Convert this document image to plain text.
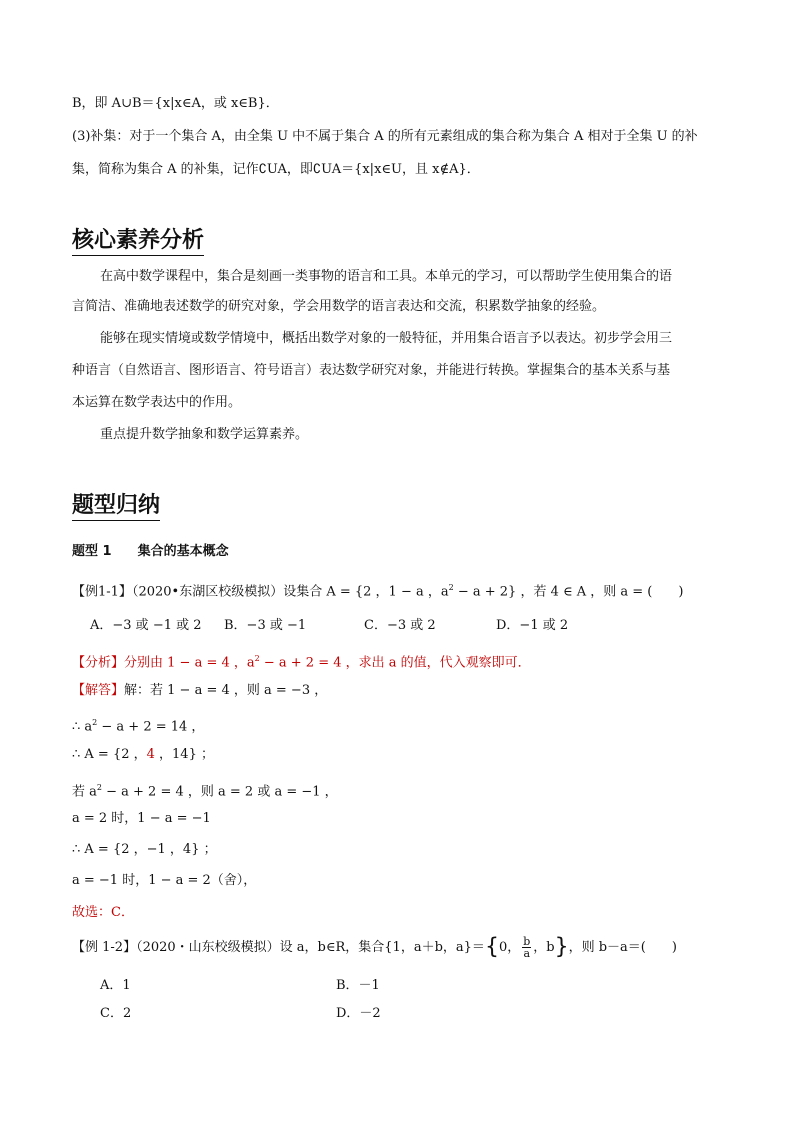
B，即 A∪B＝{x|x∈A，或 x∈B}．
(3)补集：对于一个集合 A，由全集 U 中不属于集合 A 的所有元素组成的集合称为集合 A 相对于全集 U 的补
集，简称为集合 A 的补集，记作∁UA，即∁UA＝{x|x∈U，且 x∉A}．
核心素养分析
在高中数学课程中，集合是刻画一类事物的语言和工具。本单元的学习，可以帮助学生使用集合的语
言简洁、准确地表述数学的研究对象，学会用数学的语言表达和交流，积累数学抽象的经验。
能够在现实情境或数学情境中，概括出数学对象的一般特征，并用集合语言予以表达。初步学会用三
种语言（自然语言、图形语言、符号语言）表达数学研究对象，并能进行转换。掌握集合的基本关系与基
本运算在数学表达中的作用。
重点提升数学抽象和数学运算素养。
题型归纳
题型 1 集合的基本概念
【例1-1】（2020•东湖区校级模拟）设集合 A = {2 ，1 − a ，$a^2 - a + 2$} ，若 4 ∈ A ，则 a = (　　)
A．−3 或 −1 或 2 B．−3 或 −1	C．−3 或 2	D．−1 或 2
【分析】分别由 1 − a = 4 ，$a^2 - a + 2 = 4$ ，求出 a 的值，代入观察即可．
【解答】解：若 1 − a = 4 ，则 a = −3 ，
∴ $a^2 - a + 2 = 14$ ，
∴ A = {2 ，4 ，14} ；
若 $a^2 - a + 2 = 4$ ，则 a = 2 或 a = −1 ，
a = 2 时，1 − a = −1
∴ A = {2 ，−1 ，4} ；
a = −1 时，1 − a = 2（舍），
故选：C．
【例 1-2】（2020・山东校级模拟）设 a，b∈R，集合{1，a＋b，a}＝{0， $\frac{b}{a}$ ，b}，则 b－a＝(　　)
A．1	B．－1
C．2	D．－2
